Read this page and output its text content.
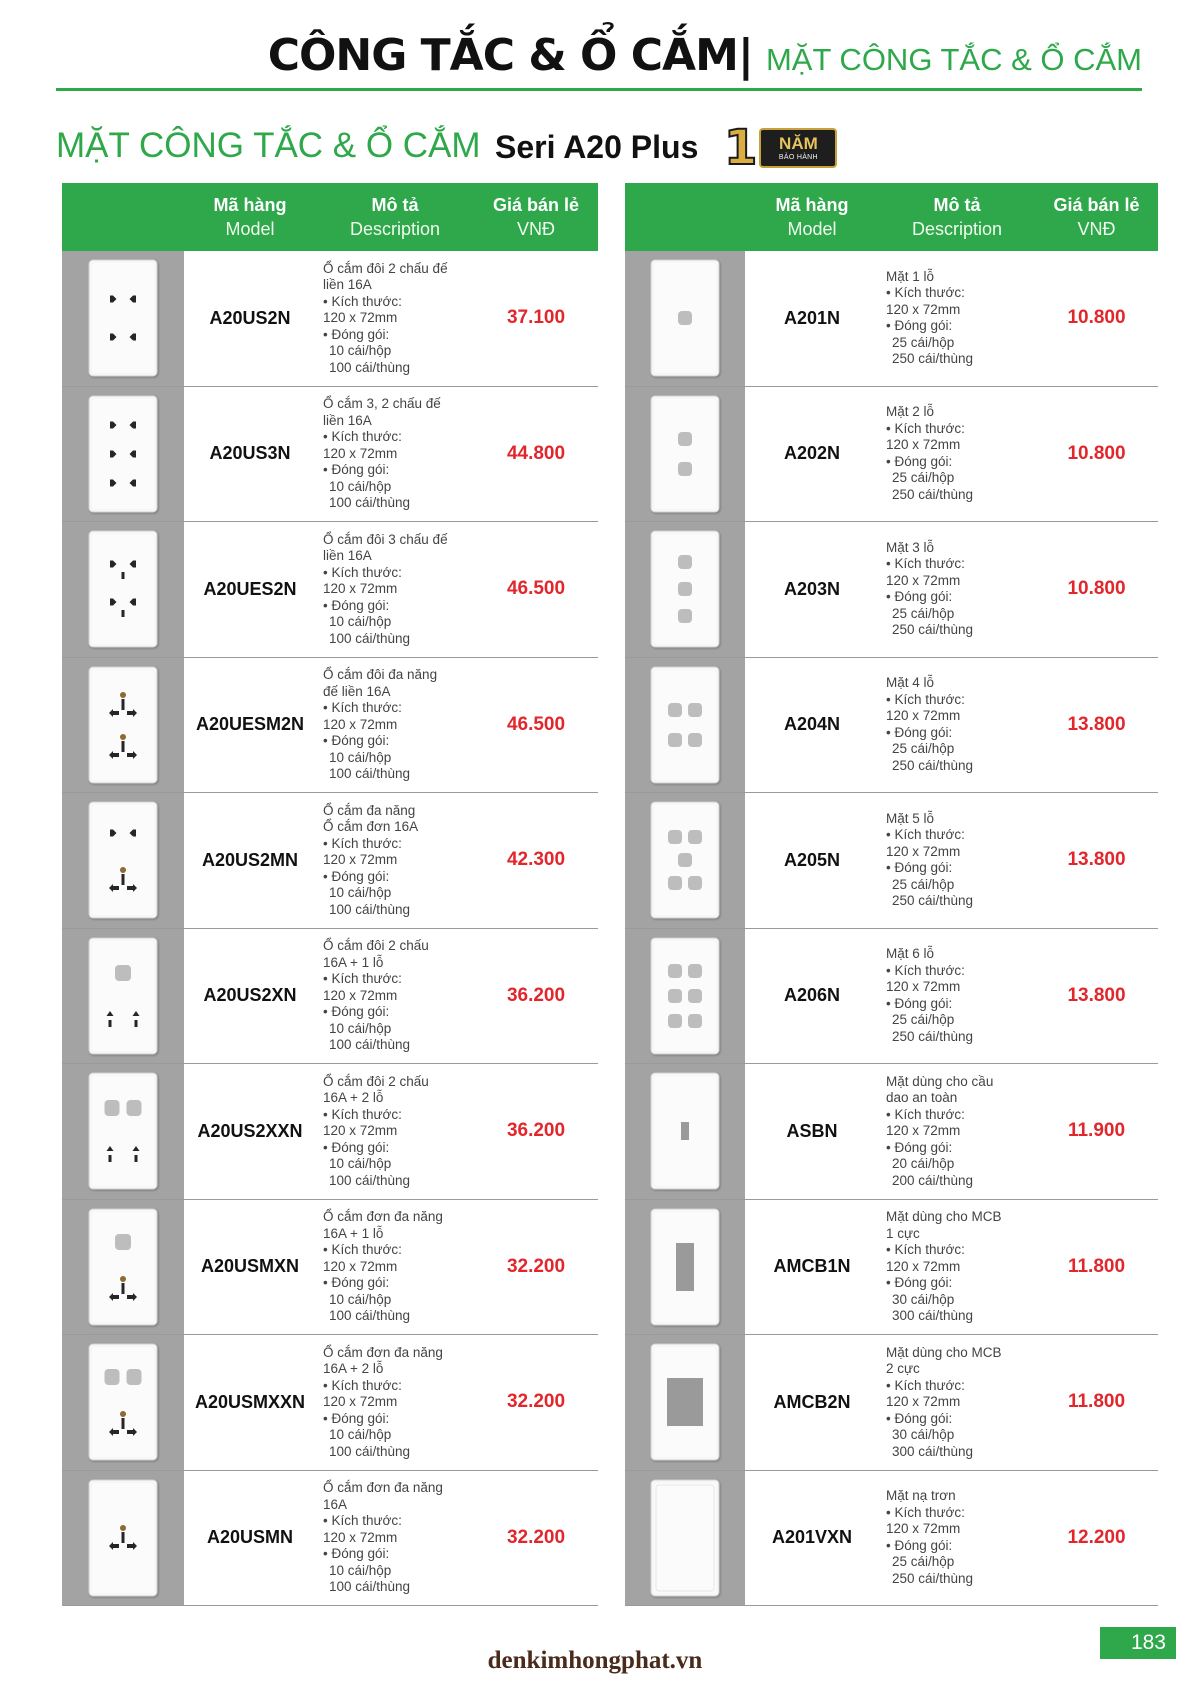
CÔNG TẮC & Ổ CẮM | MẶT CÔNG TẮC & Ổ CẮM
MẶT CÔNG TẮC & Ổ CẮM Seri A20 Plus 1 NĂM
BẢO HÀNH
Mã hàng
Model
Mô tả
Description
Giá bán lẻ
VNĐ
A20US2N
Ổ cắm đôi 2 chấu đế
liền 16A
• Kích thước:
120 x 72mm
• Đóng gói:
10 cái/hộp
100 cái/thùng
37.100
A20US3N
Ổ cắm 3, 2 chấu đế
liền 16A
• Kích thước:
120 x 72mm
• Đóng gói:
10 cái/hộp
100 cái/thùng
44.800
A20UES2N
Ổ cắm đôi 3 chấu đế
liền 16A
• Kích thước:
120 x 72mm
• Đóng gói:
10 cái/hộp
100 cái/thùng
46.500
A20UESM2N
Ổ cắm đôi đa năng
đế liền 16A
• Kích thước:
120 x 72mm
• Đóng gói:
10 cái/hộp
100 cái/thùng
46.500
A20US2MN
Ổ cắm đa năng
Ổ cắm đơn 16A
• Kích thước:
120 x 72mm
• Đóng gói:
10 cái/hộp
100 cái/thùng
42.300
A20US2XN
Ổ cắm đôi 2 chấu
16A + 1 lỗ
• Kích thước:
120 x 72mm
• Đóng gói:
10 cái/hộp
100 cái/thùng
36.200
A20US2XXN
Ổ cắm đôi 2 chấu
16A + 2 lỗ
• Kích thước:
120 x 72mm
• Đóng gói:
10 cái/hộp
100 cái/thùng
36.200
A20USMXN
Ổ cắm đơn đa năng
16A + 1 lỗ
• Kích thước:
120 x 72mm
• Đóng gói:
10 cái/hộp
100 cái/thùng
32.200
A20USMXXN
Ổ cắm đơn đa năng
16A + 2 lỗ
• Kích thước:
120 x 72mm
• Đóng gói:
10 cái/hộp
100 cái/thùng
32.200
A20USMN
Ổ cắm đơn đa năng
16A
• Kích thước:
120 x 72mm
• Đóng gói:
10 cái/hộp
100 cái/thùng
32.200
Mã hàng
Model
Mô tả
Description
Giá bán lẻ
VNĐ
A201N
Mặt 1 lỗ
• Kích thước:
120 x 72mm
• Đóng gói:
25 cái/hộp
250 cái/thùng
10.800
A202N
Mặt 2 lỗ
• Kích thước:
120 x 72mm
• Đóng gói:
25 cái/hộp
250 cái/thùng
10.800
A203N
Mặt 3 lỗ
• Kích thước:
120 x 72mm
• Đóng gói:
25 cái/hộp
250 cái/thùng
10.800
A204N
Mặt 4 lỗ
• Kích thước:
120 x 72mm
• Đóng gói:
25 cái/hộp
250 cái/thùng
13.800
A205N
Mặt 5 lỗ
• Kích thước:
120 x 72mm
• Đóng gói:
25 cái/hộp
250 cái/thùng
13.800
A206N
Mặt 6 lỗ
• Kích thước:
120 x 72mm
• Đóng gói:
25 cái/hộp
250 cái/thùng
13.800
ASBN
Mặt dùng cho cầu
dao an toàn
• Kích thước:
120 x 72mm
• Đóng gói:
20 cái/hộp
200 cái/thùng
11.900
AMCB1N
Mặt dùng cho MCB
1 cực
• Kích thước:
120 x 72mm
• Đóng gói:
30 cái/hộp
300 cái/thùng
11.800
AMCB2N
Mặt dùng cho MCB
2 cực
• Kích thước:
120 x 72mm
• Đóng gói:
30 cái/hộp
300 cái/thùng
11.800
A201VXN
Mặt nạ trơn
• Kích thước:
120 x 72mm
• Đóng gói:
25 cái/hộp
250 cái/thùng
12.200
183
denkimhongphat.vn
